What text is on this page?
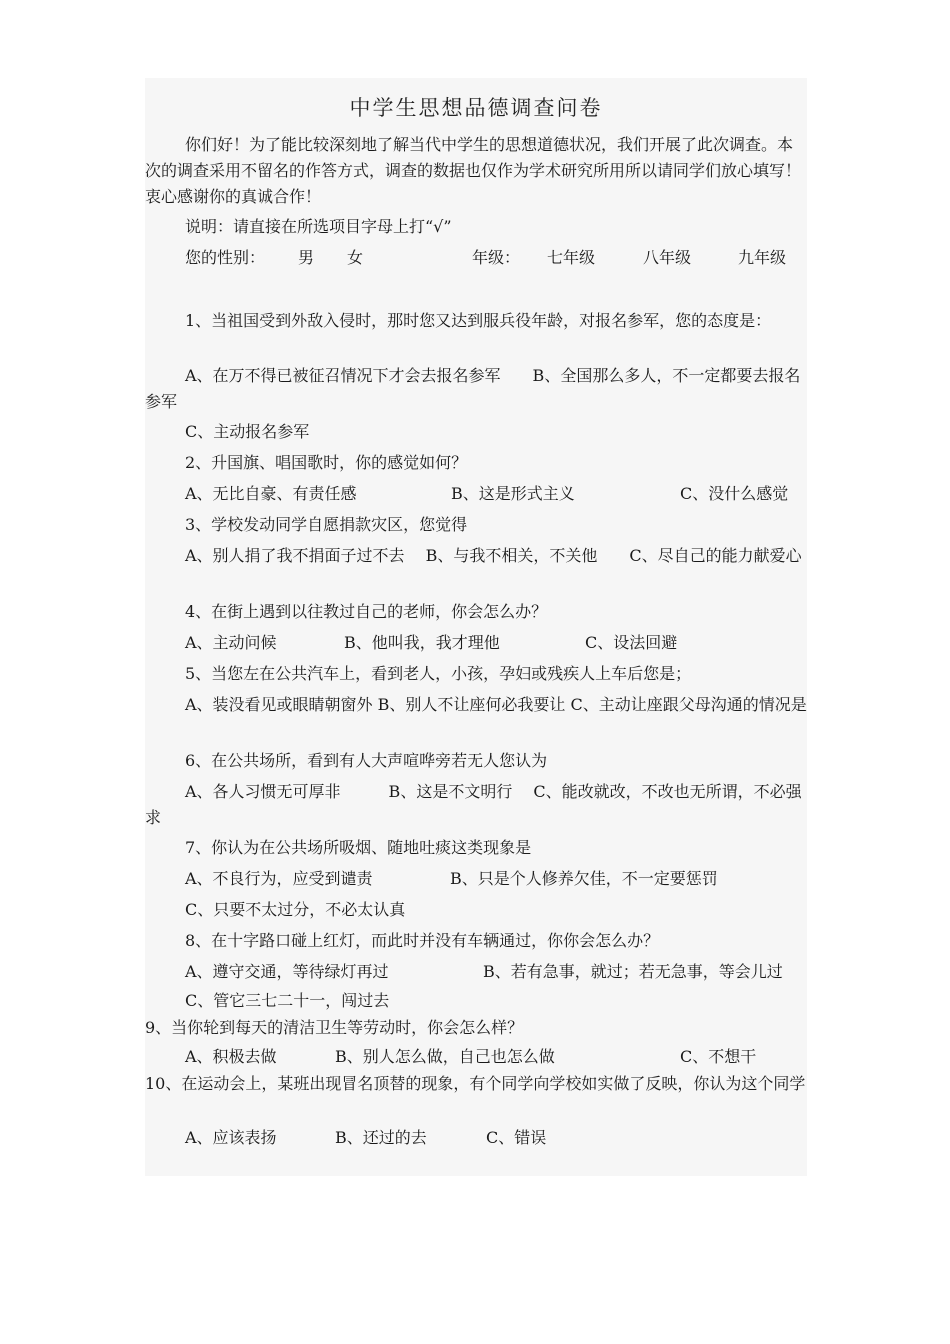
中学生思想品德调查问卷
你们好！为了能比较深刻地了解当代中学生的思想道德状况，我们开展了此次调查。本次的调查采用不留名的作答方式，调查的数据也仅作为学术研究所用所以请同学们放心填写！衷心感谢你的真诚合作！
说明：请直接在所选项目字母上打“√”
您的性别： 男 女	年级： 七年级	八年级	九年级
1、当祖国受到外敌入侵时，那时您又达到服兵役年龄，对报名参军，您的态度是：
A、在万不得已被征召情况下才会去报名参军　　B、全国那么多人，不一定都要去报名参军
C、主动报名参军
2、升国旗、唱国歌时，你的感觉如何？
A、无比自豪、有责任感	B、这是形式主义	C、没什么感觉
3、学校发动同学自愿捐款灾区，您觉得
A、别人捐了我不捐面子过不去　 B、与我不相关，不关他　　C、尽自己的能力献爱心
4、在街上遇到以往教过自己的老师，你会怎么办？
A、主动问候	B、他叫我，我才理他	C、设法回避
5、当您左在公共汽车上，看到老人，小孩，孕妇或残疾人上车后您是；
A、装没看见或眼睛朝窗外 B、别人不让座何必我要让 C、主动让座跟父母沟通的情况是
6、在公共场所，看到有人大声喧哗旁若无人您认为
A、各人习惯无可厚非　　　B、这是不文明行　 C、能改就改，不改也无所谓，不必强求
7、你认为在公共场所吸烟、随地吐痰这类现象是
A、不良行为，应受到谴责	B、只是个人修养欠佳，不一定要惩罚
C、只要不太过分，不必太认真
8、在十字路口碰上红灯，而此时并没有车辆通过，你你会怎么办？
A、遵守交通，等待绿灯再过	B、若有急事，就过；若无急事，等会儿过
C、管它三七二十一，闯过去
9、当你轮到每天的清洁卫生等劳动时，你会怎么样？
A、积极去做	B、别人怎么做，自己也怎么做	C、不想干
10、在运动会上，某班出现冒名顶替的现象，有个同学向学校如实做了反映，你认为这个同学
A、应该表扬	B、还过的去	C、错误
